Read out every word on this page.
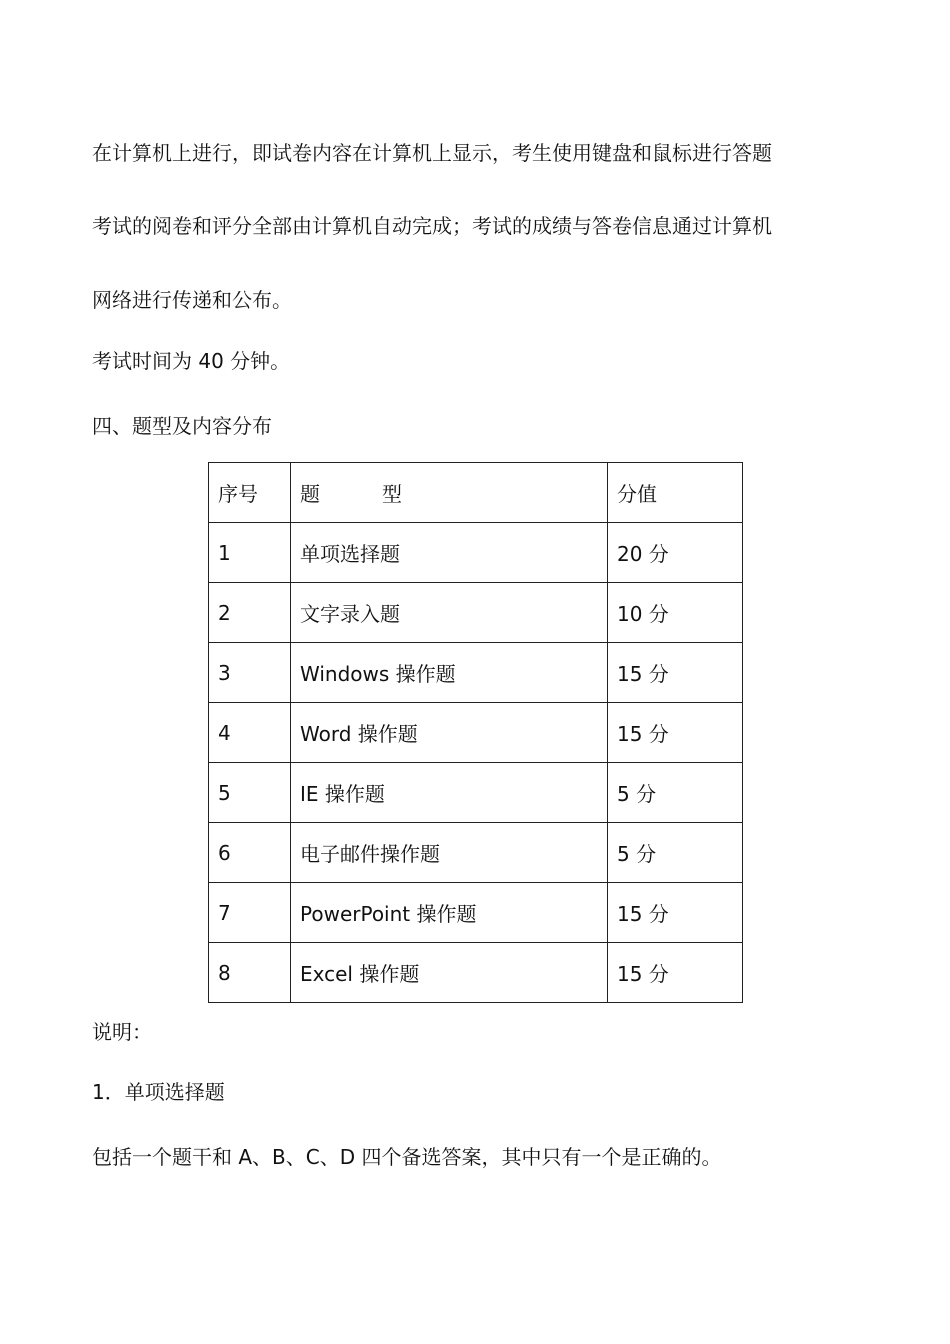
在计算机上进行，即试卷内容在计算机上显示，考生使用键盘和鼠标进行答题

考试的阅卷和评分全部由计算机自动完成；考试的成绩与答卷信息通过计算机

网络进行传递和公布。

考试时间为 40 分钟。

四、题型及内容分布

序号	题型	分值
1	单项选择题	20 分
2	文字录入题	10 分
3	Windows 操作题	15 分
4	Word 操作题	15 分
5	IE 操作题	5 分
6	电子邮件操作题	5 分
7	PowerPoint 操作题	15 分
8	Excel 操作题	15 分

说明：

1．单项选择题

包括一个题干和 A、B、C、D 四个备选答案，其中只有一个是正确的。
